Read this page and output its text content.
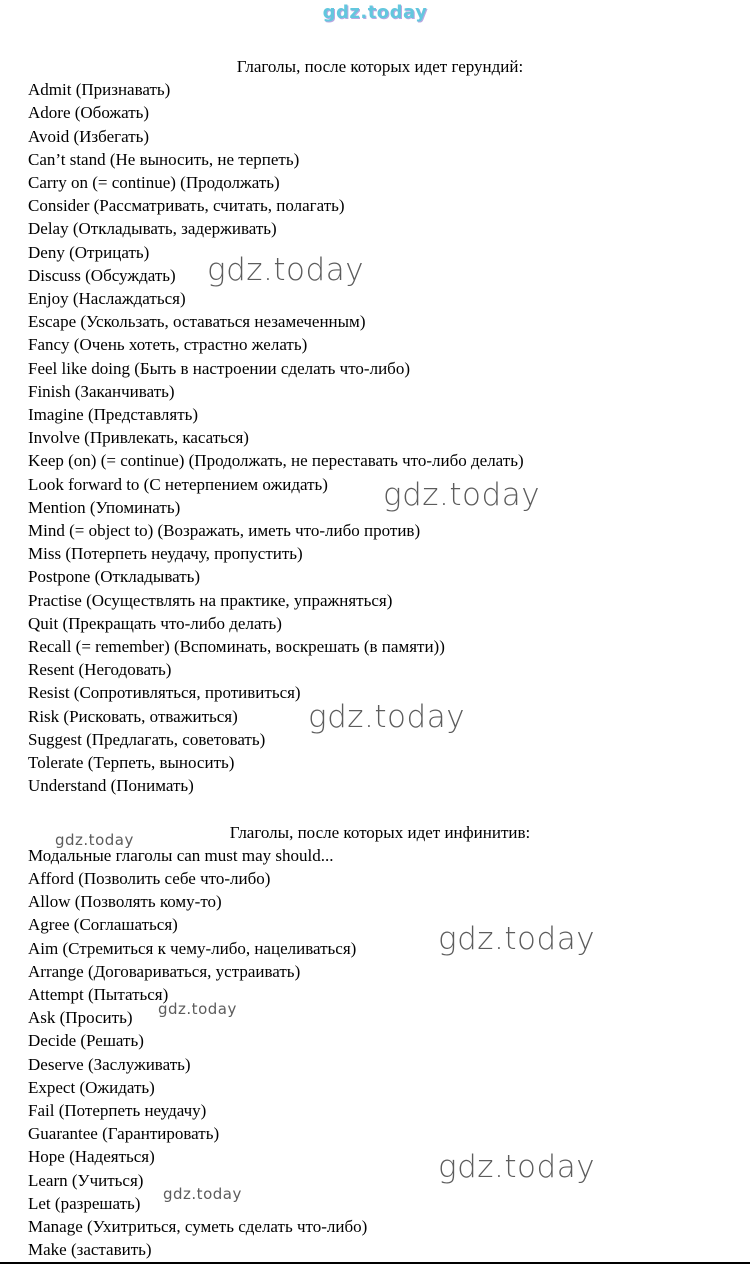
gdz.today
Глаголы, после которых идет герундий:
Admit (Признавать)
Adore (Обожать)
Avoid (Избегать)
Can’t stand (Не выносить, не терпеть)
Carry on (= continue) (Продолжать)
Consider (Рассматривать, считать, полагать)
Delay (Откладывать, задерживать)
Deny (Отрицать)
Discuss (Обсуждать)
Enjoy (Наслаждаться)
Escape (Ускользать, оставаться незамеченным)
Fancy (Очень хотеть, страстно желать)
Feel like doing (Быть в настроении сделать что-либо)
Finish (Заканчивать)
Imagine (Представлять)
Involve (Привлекать, касаться)
Keep (on) (= continue) (Продолжать, не переставать что-либо делать)
Look forward to (С нетерпением ожидать)
Mention (Упоминать)
Mind (= object to) (Возражать, иметь что-либо против)
Miss (Потерпеть неудачу, пропустить)
Postpone (Откладывать)
Practise (Осуществлять на практике, упражняться)
Quit (Прекращать что-либо делать)
Recall (= remember) (Вспоминать, воскрешать (в памяти))
Resent (Негодовать)
Resist (Сопротивляться, противиться)
Risk (Рисковать, отважиться)
Suggest (Предлагать, советовать)
Tolerate (Терпеть, выносить)
Understand (Понимать)
Глаголы, после которых идет инфинитив:
Модальные глаголы can must may should...
Afford (Позволить себе что-либо)
Allow (Позволять кому-то)
Agree (Соглашаться)
Aim (Стремиться к чему-либо, нацеливаться)
Arrange (Договариваться, устраивать)
Attempt (Пытаться)
Ask (Просить)
Decide (Решать)
Deserve (Заслуживать)
Expect (Ожидать)
Fail (Потерпеть неудачу)
Guarantee (Гарантировать)
Hope (Надеяться)
Learn (Учиться)
Let (разрешать)
Manage (Ухитриться, суметь сделать что-либо)
Make (заставить)
gdz.today
gdz.today
gdz.today
gdz.today
gdz.today
gdz.today
gdz.today
gdz.today
